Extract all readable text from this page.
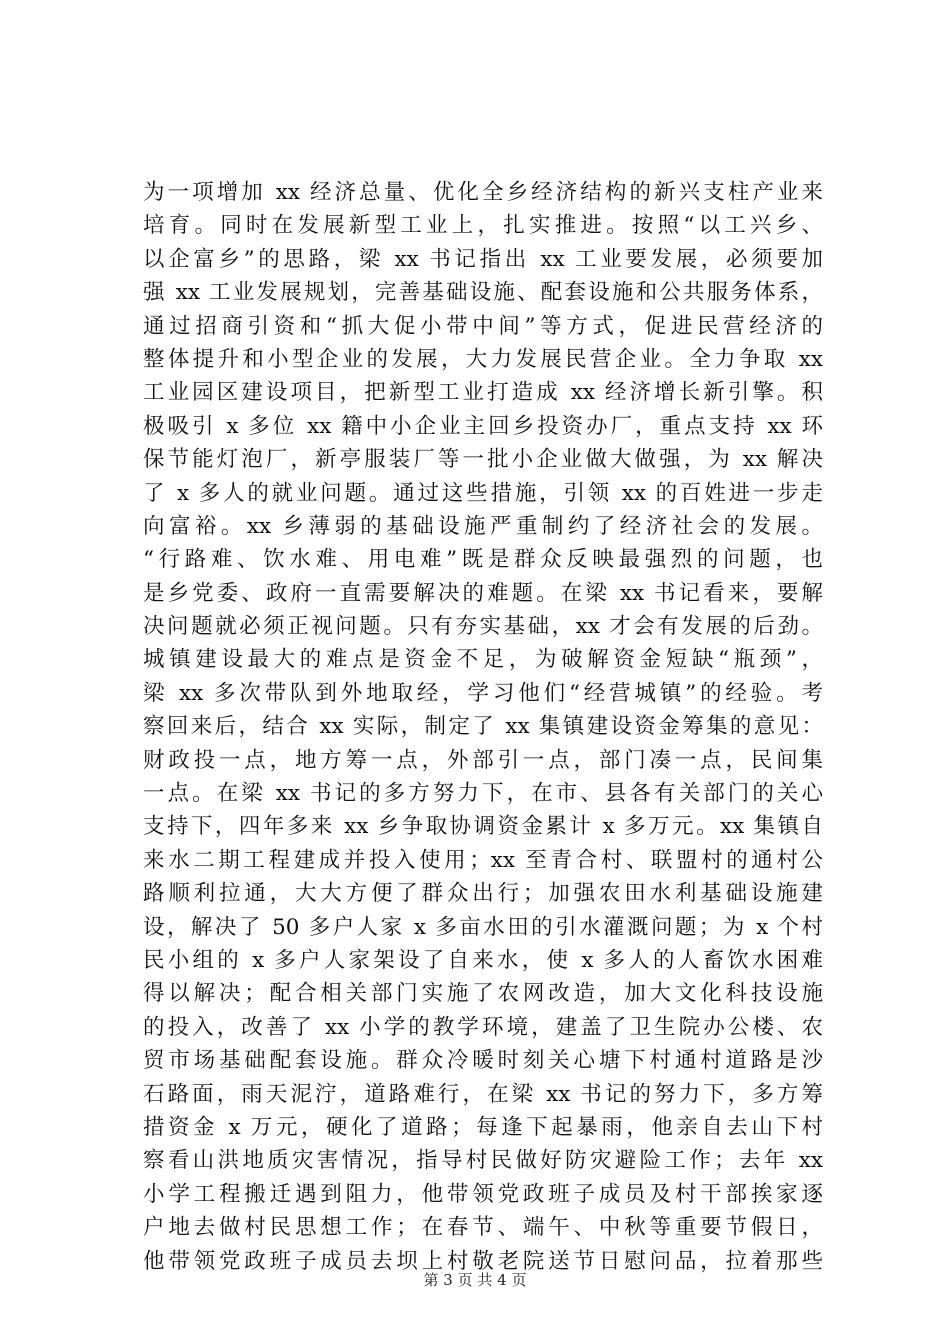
为一项增加 xx 经济总量、优化全乡经济结构的新兴支柱产业来
培育。同时在发展新型工业上，扎实推进。按照“以工兴乡、
以企富乡”的思路，梁 xx 书记指出 xx 工业要发展，必须要加
强 xx 工业发展规划，完善基础设施、配套设施和公共服务体系，
通过招商引资和“抓大促小带中间”等方式，促进民营经济的
整体提升和小型企业的发展，大力发展民营企业。全力争取 xx
工业园区建设项目，把新型工业打造成 xx 经济增长新引擎。积
极吸引 x 多位 xx 籍中小企业主回乡投资办厂，重点支持 xx 环
保节能灯泡厂，新亭服装厂等一批小企业做大做强，为 xx 解决
了 x 多人的就业问题。通过这些措施，引领 xx 的百姓进一步走
向富裕。xx 乡薄弱的基础设施严重制约了经济社会的发展。
“行路难、饮水难、用电难”既是群众反映最强烈的问题，也
是乡党委、政府一直需要解决的难题。在梁 xx 书记看来，要解
决问题就必须正视问题。只有夯实基础，xx 才会有发展的后劲。
城镇建设最大的难点是资金不足，为破解资金短缺“瓶颈”，
梁 xx 多次带队到外地取经，学习他们“经营城镇”的经验。考
察回来后，结合 xx 实际，制定了 xx 集镇建设资金筹集的意见：
财政投一点，地方筹一点，外部引一点，部门凑一点，民间集
一点。在梁 xx 书记的多方努力下，在市、县各有关部门的关心
支持下，四年多来 xx 乡争取协调资金累计 x 多万元。xx 集镇自
来水二期工程建成并投入使用；xx 至青合村、联盟村的通村公
路顺利拉通，大大方便了群众出行；加强农田水利基础设施建
设，解决了 50 多户人家 x 多亩水田的引水灌溉问题；为 x 个村
民小组的 x 多户人家架设了自来水，使 x 多人的人畜饮水困难
得以解决；配合相关部门实施了农网改造，加大文化科技设施
的投入，改善了 xx 小学的教学环境，建盖了卫生院办公楼、农
贸市场基础配套设施。群众冷暖时刻关心塘下村通村道路是沙
石路面，雨天泥泞，道路难行，在梁 xx 书记的努力下，多方筹
措资金 x 万元，硬化了道路；每逢下起暴雨，他亲自去山下村
察看山洪地质灾害情况，指导村民做好防灾避险工作；去年 xx
小学工程搬迁遇到阻力，他带领党政班子成员及村干部挨家逐
户地去做村民思想工作；在春节、端午、中秋等重要节假日，
他带领党政班子成员去坝上村敬老院送节日慰问品，拉着那些
第 3 页 共 4 页
